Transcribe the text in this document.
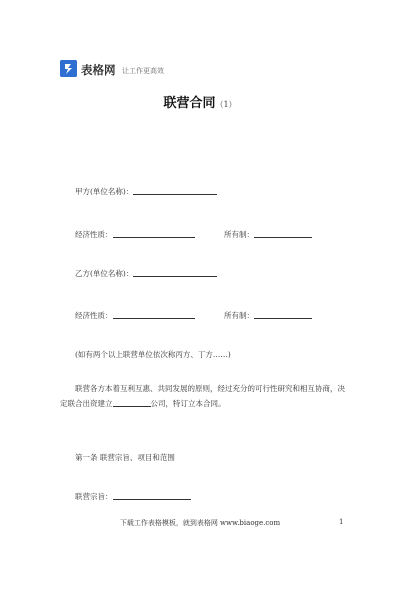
表格网 让工作更高效
联营合同（1）
甲方(单位名称)：
经济性质：	所有制：
乙方(单位名称)：
经济性质：	所有制：
(如有两个以上联营单位依次称丙方、丁方……)
联营各方本着互利互惠、共同发展的原则，经过充分的可行性研究和相互协商，决定联合出资建立	公司，特订立本合同。
第一条 联营宗旨、项目和范围
联营宗旨：
下载工作表格模板，就到表格网 www.biaoge.com	1
